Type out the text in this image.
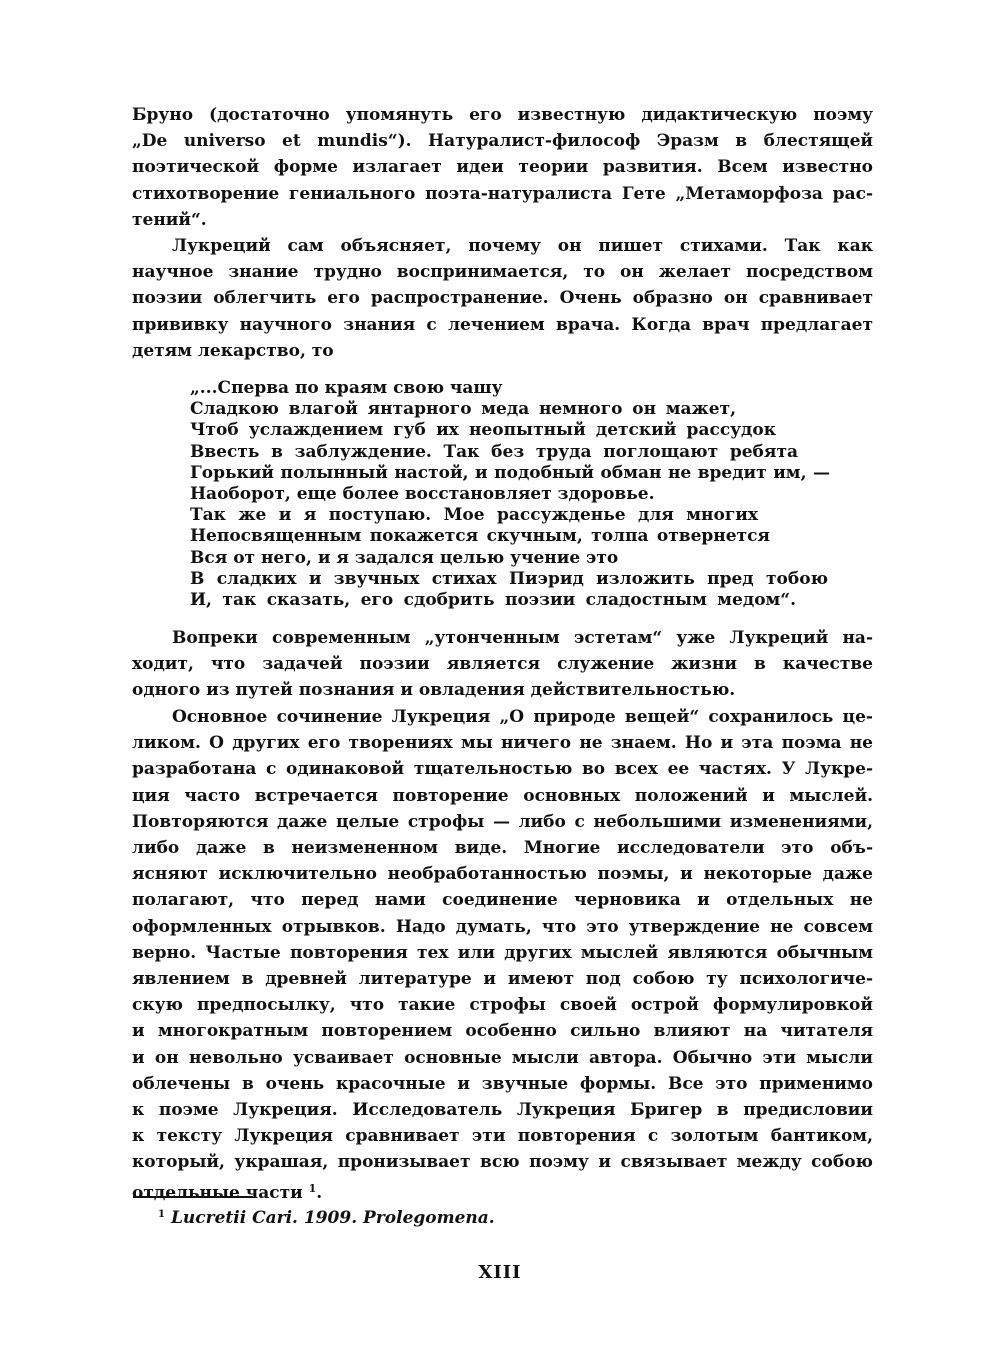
Бруно (достаточно упомянуть его известную дидактическую поэму
„De universo et mundis“). Натуралист-философ Эразм в блестящей
поэтической форме излагает идеи теории развития. Всем известно
стихотворение гениального поэта-натуралиста Гете „Метаморфоза рас-
тений“.

Лукреций сам объясняет, почему он пишет стихами. Так как
научное знание трудно воспринимается, то он желает посредством
поэзии облегчить его распространение. Очень образно он сравнивает
прививку научного знания с лечением врача. Когда врач предлагает
детям лекарство, то

„...Сперва по краям свою чашу
Сладкою влагой янтарного меда немного он мажет,
Чтоб услаждением губ их неопытный детский рассудок
Ввесть в заблуждение. Так без труда поглощают ребята
Горький полынный настой, и подобный обман не вредит им, —
Наоборот, еще более восстановляет здоровье.
Так же и я поступаю. Мое рассужденье для многих
Непосвященным покажется скучным, толпа отвернется
Вся от него, и я задался целью учение это
В сладких и звучных стихах Пиэрид изложить пред тобою
И, так сказать, его сдобрить поэзии сладостным медом“.

Вопреки современным „утонченным эстетам“ уже Лукреций на-
ходит, что задачей поэзии является служение жизни в качестве
одного из путей познания и овладения действительностью.

Основное сочинение Лукреция „О природе вещей“ сохранилось це-
ликом. О других его творениях мы ничего не знаем. Но и эта поэма не
разработана с одинаковой тщательностью во всех ее частях. У Лукре-
ция часто встречается повторение основных положений и мыслей.
Повторяются даже целые строфы — либо с небольшими изменениями,
либо даже в неизмененном виде. Многие исследователи это объ-
ясняют исключительно необработанностью поэмы, и некоторые даже
полагают, что перед нами соединение черновика и отдельных не
оформленных отрывков. Надо думать, что это утверждение не совсем
верно. Частые повторения тех или других мыслей являются обычным
явлением в древней литературе и имеют под собою ту психологиче-
скую предпосылку, что такие строфы своей острой формулировкой
и многократным повторением особенно сильно влияют на читателя
и он невольно усваивает основные мысли автора. Обычно эти мысли
облечены в очень красочные и звучные формы. Все это применимо
к поэме Лукреция. Исследователь Лукреция Бригер в предисловии
к тексту Лукреция сравнивает эти повторения с золотым бантиком,
который, украшая, пронизывает всю поэму и связывает между собою
отдельные части $^1$.

$^1$ Lucretii Cari. 1909. Prolegomena.
XIII
